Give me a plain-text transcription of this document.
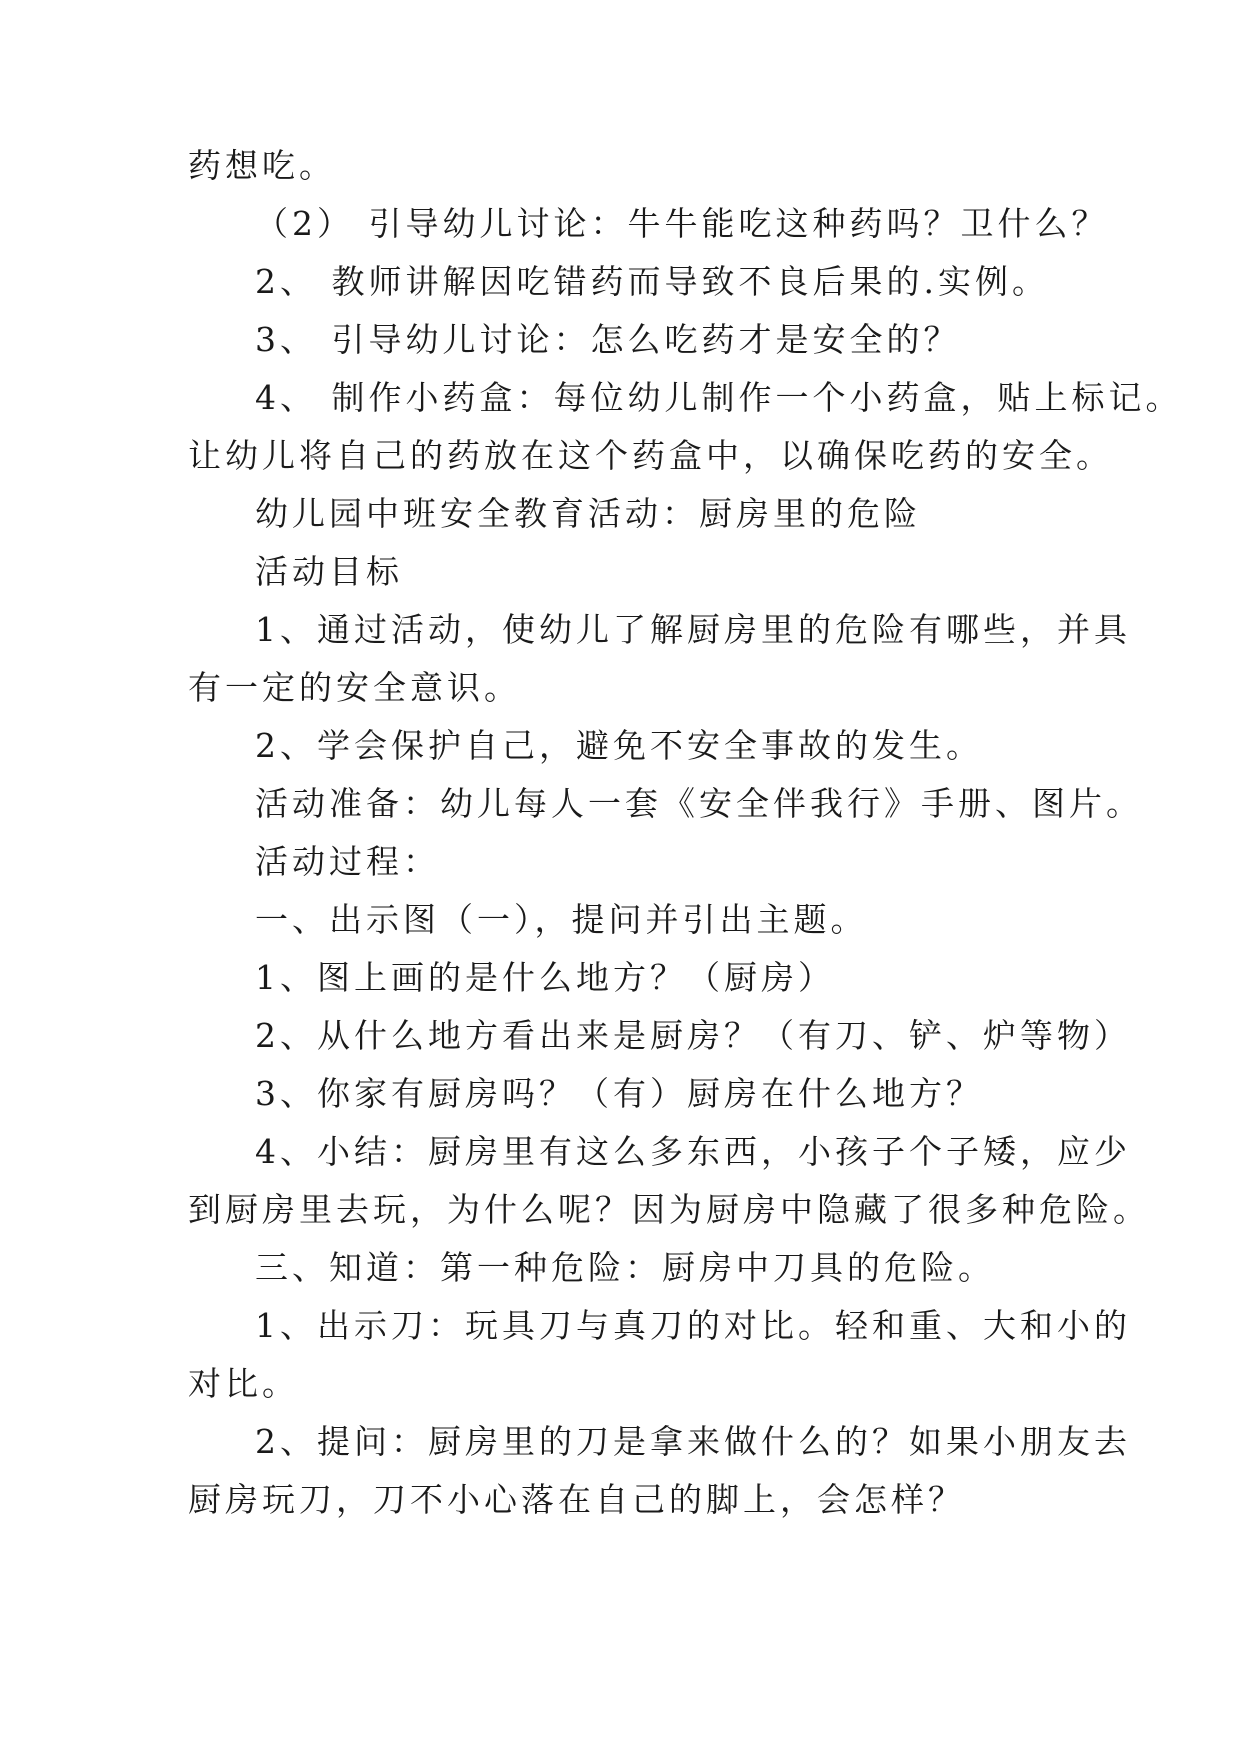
药想吃。
（2） 引导幼儿讨论：牛牛能吃这种药吗？卫什么？
2、 教师讲解因吃错药而导致不良后果的.实例。
3、 引导幼儿讨论：怎么吃药才是安全的？
4、 制作小药盒：每位幼儿制作一个小药盒，贴上标记。
让幼儿将自己的药放在这个药盒中，以确保吃药的安全。
幼儿园中班安全教育活动：厨房里的危险
活动目标
1、通过活动，使幼儿了解厨房里的危险有哪些，并具
有一定的安全意识。
2、学会保护自己，避免不安全事故的发生。
活动准备：幼儿每人一套《安全伴我行》手册、图片。
活动过程：
一、出示图（一），提问并引出主题。
1、图上画的是什么地方？（厨房）
2、从什么地方看出来是厨房？（有刀、铲、炉等物）
3、你家有厨房吗？（有）厨房在什么地方？
4、小结：厨房里有这么多东西，小孩子个子矮，应少
到厨房里去玩，为什么呢？因为厨房中隐藏了很多种危险。
三、知道：第一种危险：厨房中刀具的危险。
1、出示刀：玩具刀与真刀的对比。轻和重、大和小的
对比。
2、提问：厨房里的刀是拿来做什么的？如果小朋友去
厨房玩刀，刀不小心落在自己的脚上，会怎样？
